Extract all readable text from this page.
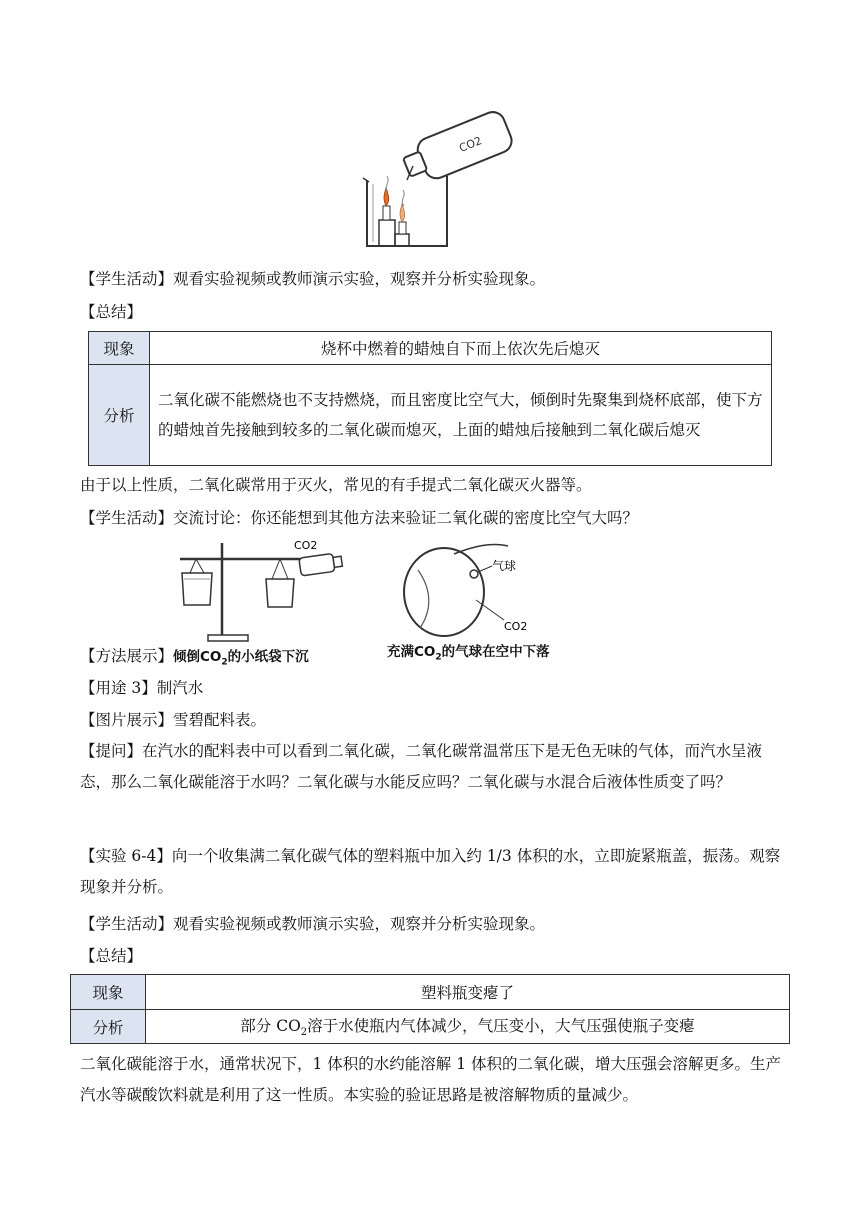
CO2
【学生活动】观看实验视频或教师演示实验，观察并分析实验现象。
【总结】
现象	烧杯中燃着的蜡烛自下而上依次先后熄灭
分析	二氧化碳不能燃烧也不支持燃烧，而且密度比空气大，倾倒时先聚集到烧杯底部，使下方的蜡烛首先接触到较多的二氧化碳而熄灭，上面的蜡烛后接触到二氧化碳后熄灭
由于以上性质，二氧化碳常用于灭火，常见的有手提式二氧化碳灭火器等。
【学生活动】交流讨论：你还能想到其他方法来验证二氧化碳的密度比空气大吗？
CO2
气球
CO2
充满$CO_2$的气球在空中下落
【方法展示】倾倒$CO_2$的小纸袋下沉
【用途 3】制汽水
【图片展示】雪碧配料表。
【提问】在汽水的配料表中可以看到二氧化碳，二氧化碳常温常压下是无色无味的气体，而汽水呈液态，那么二氧化碳能溶于水吗？二氧化碳与水能反应吗？二氧化碳与水混合后液体性质变了吗？
【实验 6-4】向一个收集满二氧化碳气体的塑料瓶中加入约 1/3 体积的水，立即旋紧瓶盖，振荡。观察现象并分析。
【学生活动】观看实验视频或教师演示实验，观察并分析实验现象。
【总结】
现象	塑料瓶变瘪了
分析	部分 $CO_2$溶于水使瓶内气体减少，气压变小，大气压强使瓶子变瘪
二氧化碳能溶于水，通常状况下，1 体积的水约能溶解 1 体积的二氧化碳，增大压强会溶解更多。生产汽水等碳酸饮料就是利用了这一性质。本实验的验证思路是被溶解物质的量减少。
